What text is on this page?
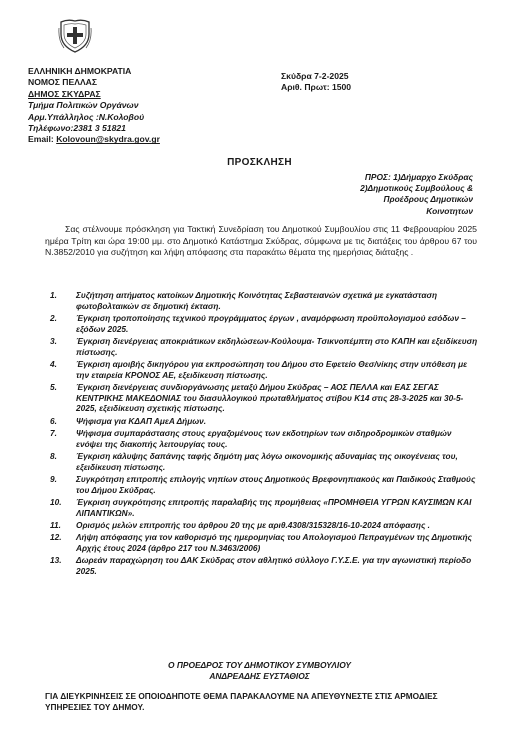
ΕΛΛΗΝΙΚΗ ΔΗΜΟΚΡΑΤΙΑ
ΝΟΜΟΣ ΠΕΛΛΑΣ
ΔΗΜΟΣ ΣΚΥΔΡΑΣ
Τμήμα Πολιτικών Οργάνων
Αρμ.Υπάλληλος :Ν.Κολοβού
Τηλέφωνο:2381 3 51821
Email: Kolovoun@skydra.gov.gr
Σκύδρα 7-2-2025
Αριθ. Πρωτ: 1500
ΠΡΟΣΚΛΗΣΗ
ΠΡΟΣ: 1)Δήμαρχο Σκύδρας
2)Δημοτικούς Συμβούλους &
Προέδρους Δημοτικών
Κοινοτητων
Σας στέλνουμε πρόσκληση για Τακτική Συνεδρίαση του Δημοτικού Συμβουλίου στις 11 Φεβρουαρίου 2025 ημέρα Τρίτη και ώρα 19:00 μμ. στο Δημοτικό Κατάστημα Σκύδρας, σύμφωνα με τις διατάξεις του άρθρου 67 του Ν.3852/2010 για συζήτηση και λήψη απόφασης στα παρακάτω θέματα της ημερήσιας διάταξης .
1.	Συζήτηση αιτήματος κατοίκων Δημοτικής Κοινότητας Σεβαστειανών σχετικά με εγκατάσταση φωτοβολταικών σε δημοτική έκταση.
2.	Έγκριση τροποποίησης τεχνικού προγράμματος έργων , αναμόρφωση προϋπολογισμού εσόδων – εξόδων 2025.
3.	Έγκριση διενέργειας αποκριάτικων εκδηλώσεων-Κούλουμα- Τσικνοπέμπτη στο ΚΑΠΗ και εξειδίκευση πίστωσης.
4.	Έγκριση αμοιβής δικηγόρου για εκπροσώπηση του Δήμου στο Εφετείο Θεσ/νίκης στην υπόθεση με την εταιρεία ΚΡΟΝΟΣ ΑΕ, εξειδίκευση πίστωσης.
5.	Έγκριση διενέργειας συνδιοργάνωσης μεταξύ Δήμου Σκύδρας – ΑΟΣ ΠΕΛΛΑ και ΕΑΣ ΣΕΓΑΣ ΚΕΝΤΡΙΚΗΣ ΜΑΚΕΔΟΝΙΑΣ του διασυλλογικού πρωταθλήματος στίβου Κ14 στις 28-3-2025 και 30-5-2025, εξειδίκευση σχετικής πίστωσης.
6.	Ψήφισμα για ΚΔΑΠ ΑμεΑ Δήμων.
7.	Ψήφισμα συμπαράστασης στους εργαζομένους των εκδοτηρίων των σιδηροδρομικών σταθμών ενόψει της διακοπής λειτουργίας τους.
8.	Έγκριση κάλυψης δαπάνης ταφής δημότη μας λόγω οικονομικής αδυναμίας της οικογένειας του, εξειδίκευση πίστωσης.
9.	Συγκρότηση επιτροπής επιλογής νηπίων στους Δημοτικούς Βρεφονηπιακούς και Παιδικούς Σταθμούς του Δήμου Σκύδρας.
10.	Έγκριση συγκρότησης επιτροπής παραλαβής της προμήθειας «ΠΡΟΜΗΘΕΙΑ ΥΓΡΩΝ ΚΑΥΣΙΜΩΝ ΚΑΙ ΛΙΠΑΝΤΙΚΩΝ».
11.	Ορισμός μελών επιτροπής του άρθρου 20 της με αριθ.4308/315328/16-10-2024 απόφασης .
12.	Λήψη απόφασης για τον καθορισμό της ημερομηνίας του Απολογισμού Πεπραγμένων της Δημοτικής Αρχής έτους 2024 (άρθρο 217 του Ν.3463/2006)
13.	Δωρεάν παραχώρηση του ΔΑΚ Σκύδρας στον αθλητικό σύλλογο Γ.Υ.Σ.Ε. για την αγωνιστική περίοδο 2025.
Ο ΠΡΟΕΔΡΟΣ ΤΟΥ ΔΗΜΟΤΙΚΟΥ ΣΥΜΒΟΥΛΙΟΥ
ΑΝΔΡΕΑΔΗΣ ΕΥΣΤΑΘΙΟΣ
ΓΙΑ ΔΙΕΥΚΡΙΝΗΣΕΙΣ ΣΕ ΟΠΟΙΟΔΗΠΟΤΕ ΘΕΜΑ ΠΑΡΑΚΑΛΟΥΜΕ ΝΑ ΑΠΕΥΘΥΝΕΣΤΕ ΣΤΙΣ ΑΡΜΟΔΙΕΣ ΥΠΗΡΕΣΙΕΣ ΤΟΥ ΔΗΜΟΥ.
